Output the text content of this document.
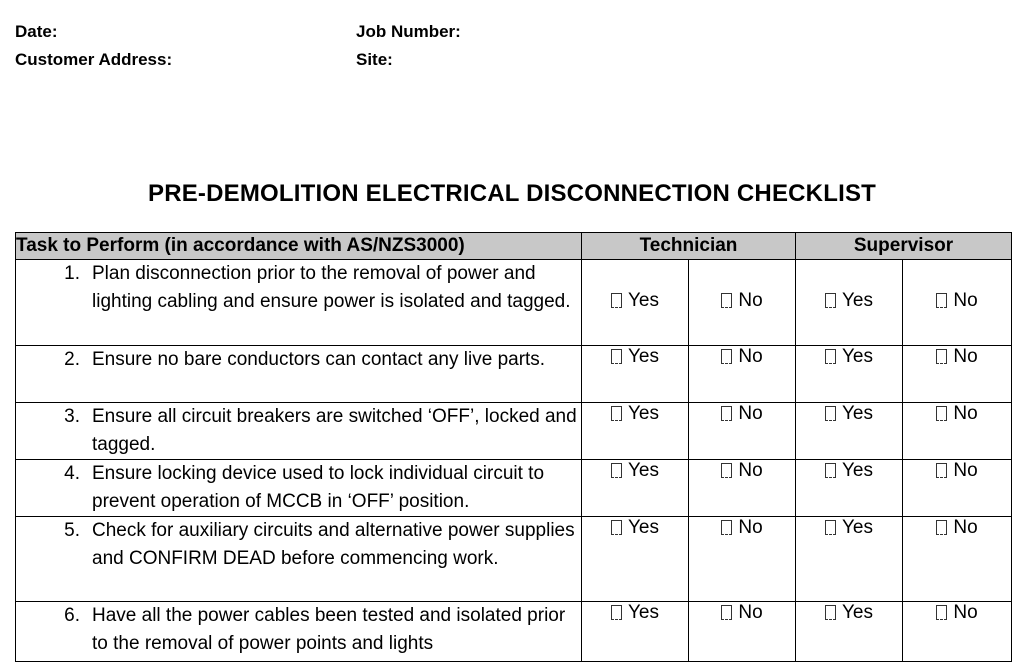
Date:	Job Number:
Customer Address:	Site:
PRE-DEMOLITION ELECTRICAL DISCONNECTION CHECKLIST
Task to Perform (in accordance with AS/NZS3000)	Technician		Supervisor	

1. Plan disconnection prior to the removal of power and lighting cabling and ensure power is isolated and tagged.	Yes	No	Yes	No

2. Ensure no bare conductors can contact any live parts.	Yes	No	Yes	No

3. Ensure all circuit breakers are switched ‘OFF’, locked and tagged.	Yes	No	Yes	No

4. Ensure locking device used to lock individual circuit to prevent operation of MCCB in ‘OFF’ position.	Yes	No	Yes	No

5. Check for auxiliary circuits and alternative power supplies and CONFIRM DEAD before commencing work.	Yes	No	Yes	No

6. Have all the power cables been tested and isolated prior to the removal of power points and lights	Yes	No	Yes	No
